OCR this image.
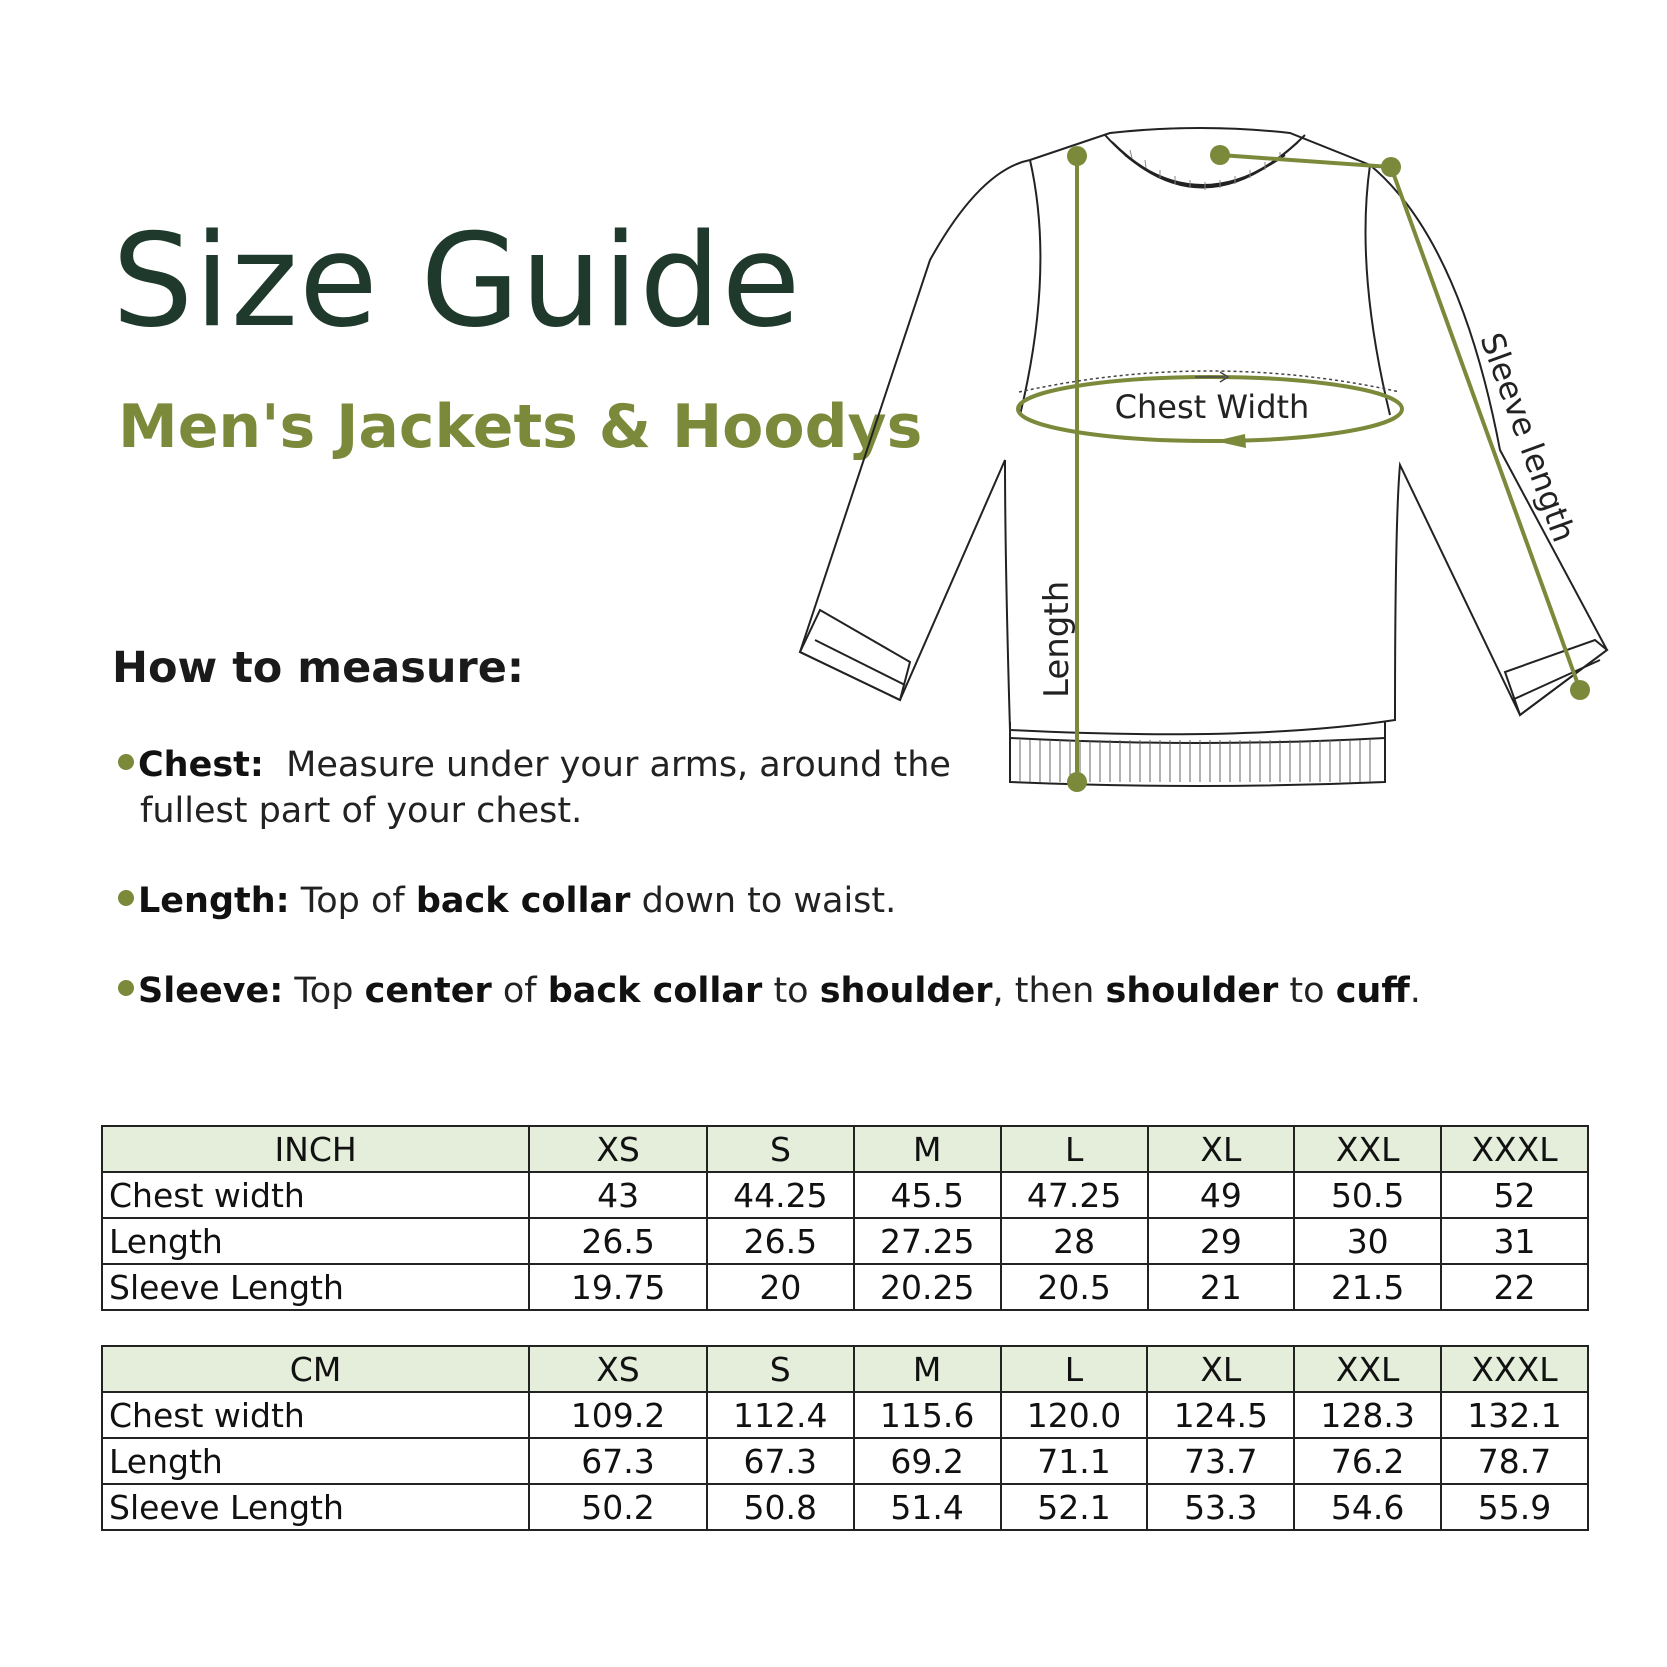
Size Guide
Men's Jackets & Hoodys
How to measure:
Chest: Measure under your arms, around the
fullest part of your chest.
Length: Top of back collar down to waist.
Sleeve: Top center of back collar to shoulder, then shoulder to cuff.
Chest Width
Length
Sleeve length
INCH	XS	S	M	L	XL	XXL	XXXL
Chest width	43	44.25	45.5	47.25	49	50.5	52
Length	26.5	26.5	27.25	28	29	30	31
Sleeve Length	19.75	20	20.25	20.5	21	21.5	22
CM	XS	S	M	L	XL	XXL	XXXL
Chest width	109.2	112.4	115.6	120.0	124.5	128.3	132.1
Length	67.3	67.3	69.2	71.1	73.7	76.2	78.7
Sleeve Length	50.2	50.8	51.4	52.1	53.3	54.6	55.9
